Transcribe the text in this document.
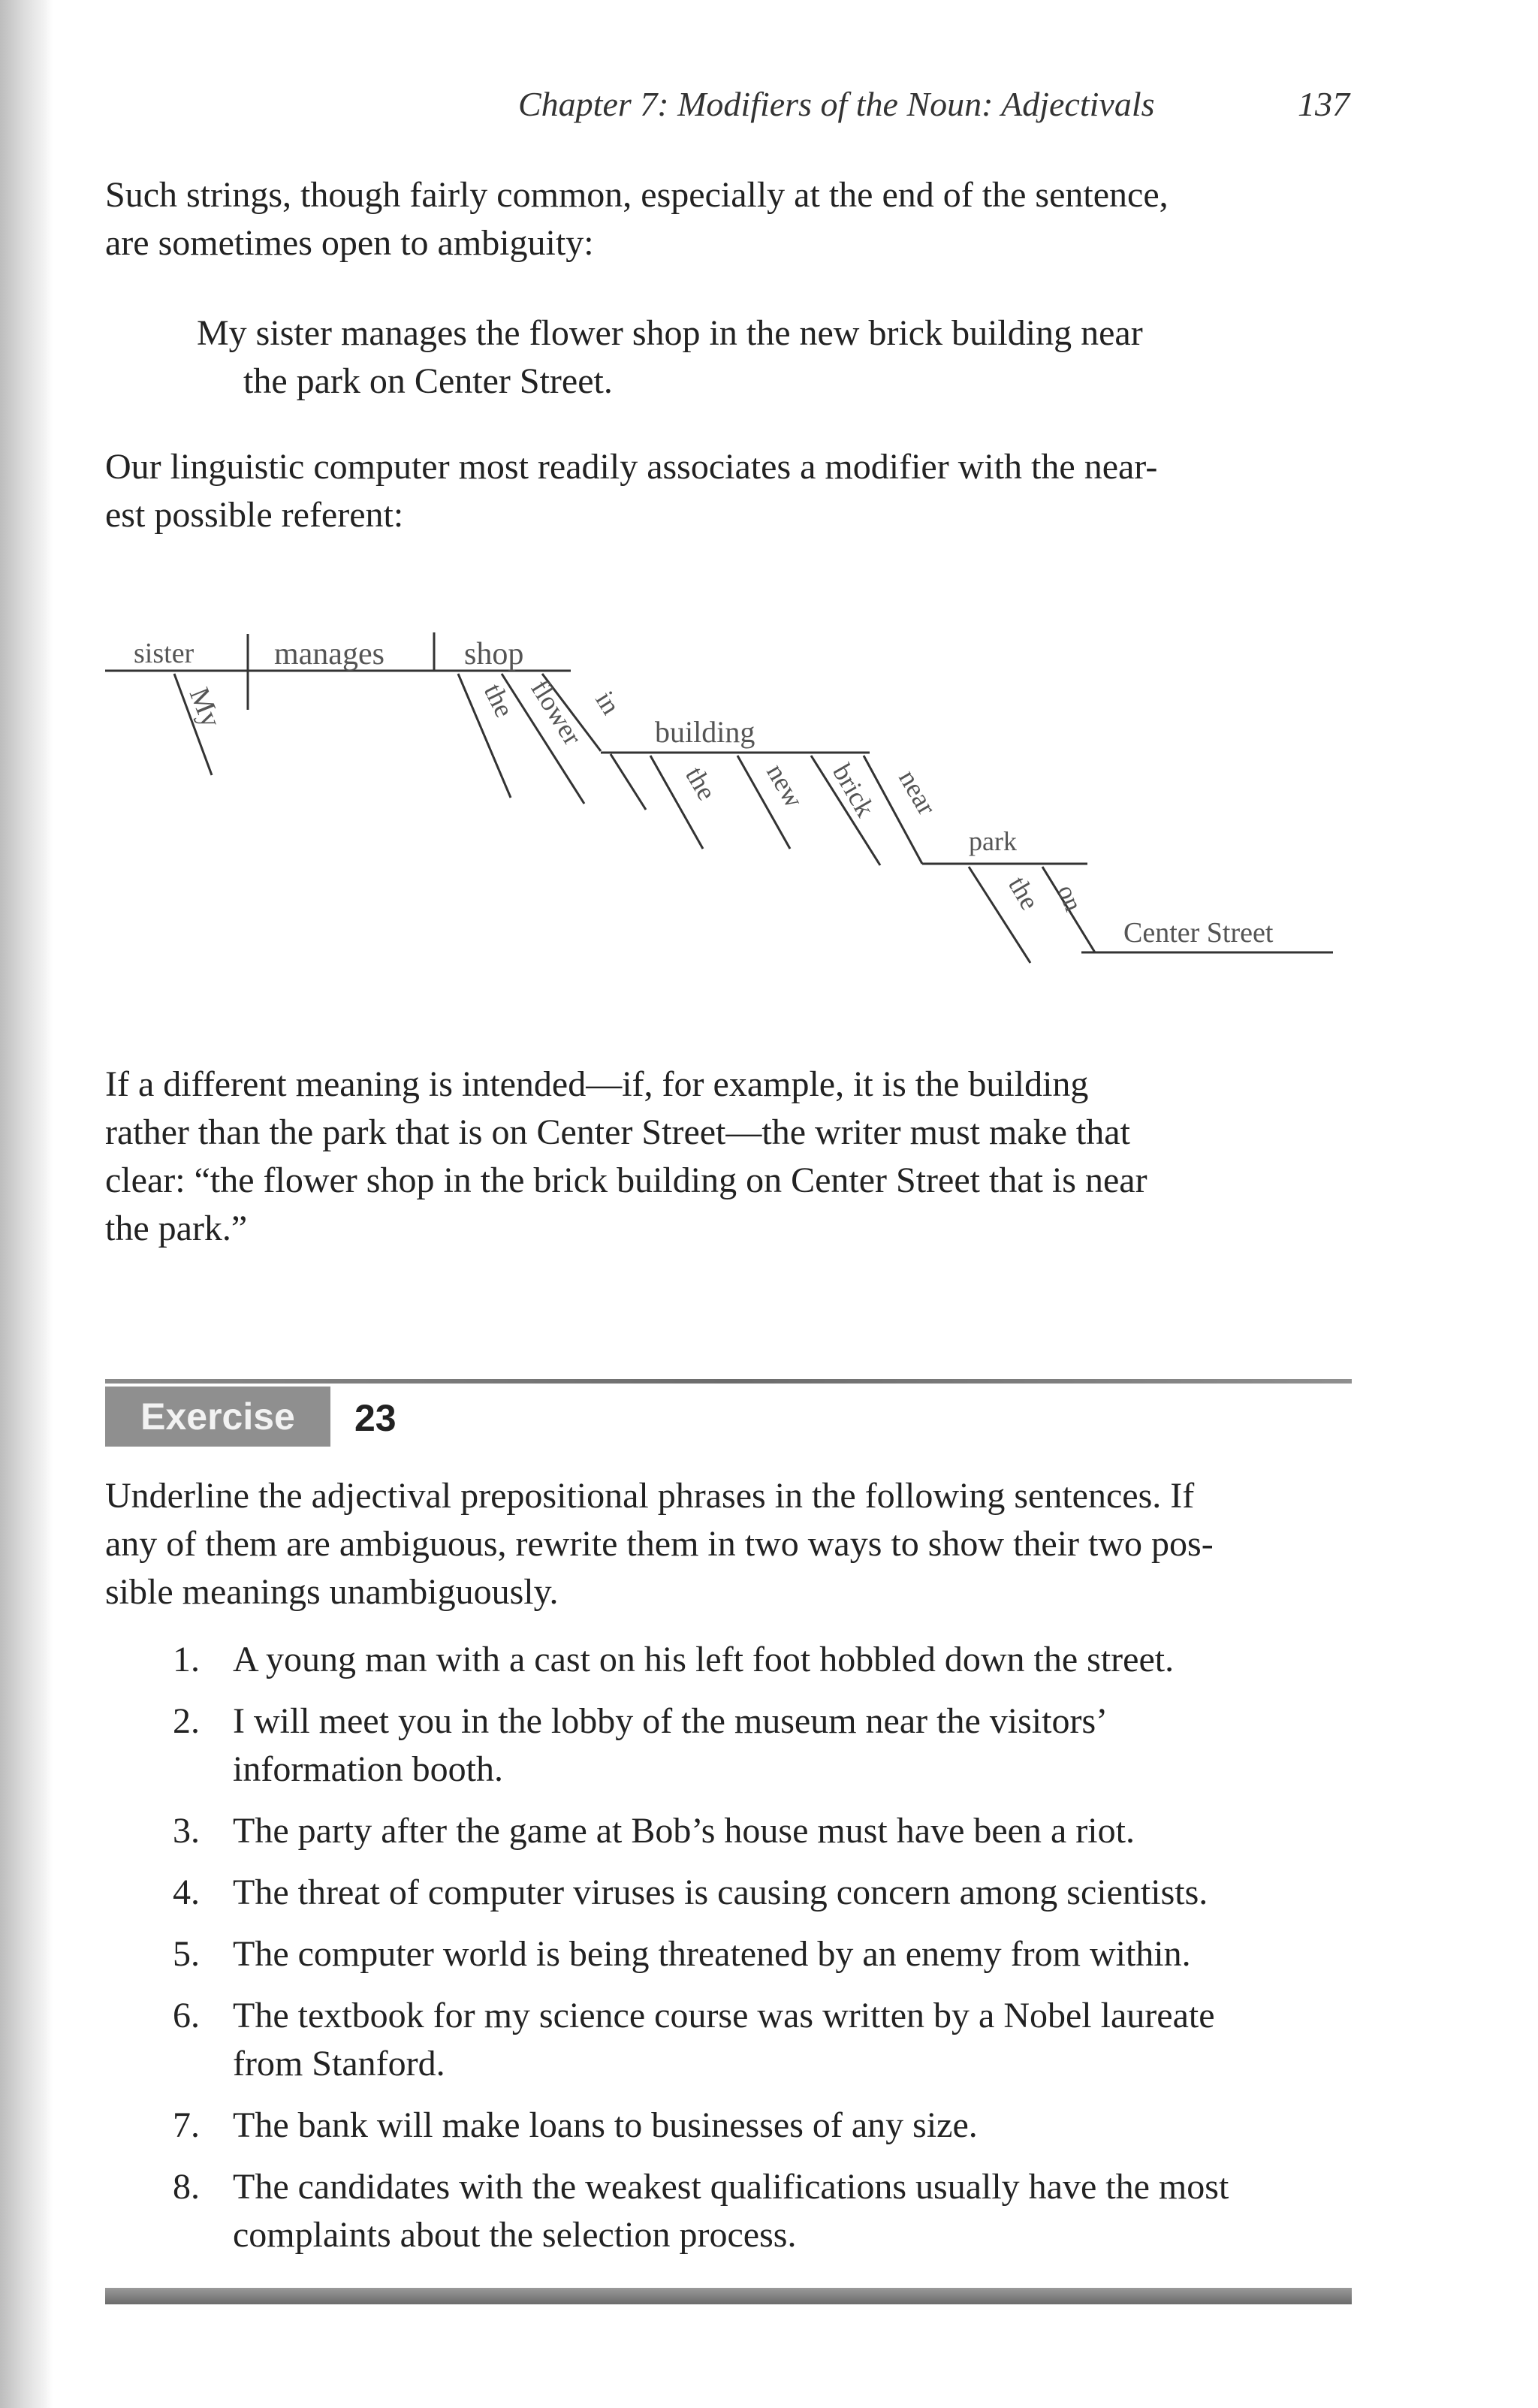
Chapter 7: Modifiers of the Noun: Adjectivals	137

Such strings, though fairly common, especially at the end of the sentence,
are sometimes open to ambiguity:

My sister manages the flower shop in the new brick building near
the park on Center Street.

Our linguistic computer most readily associates a modifier with the near-
est possible referent:

sister	manages	shop
My	the flower in
building
the new brick near
park
the on
Center Street

If a different meaning is intended—if, for example, it is the building
rather than the park that is on Center Street—the writer must make that
clear: “the flower shop in the brick building on Center Street that is near
the park.”

Exercise	23

Underline the adjectival prepositional phrases in the following sentences. If
any of them are ambiguous, rewrite them in two ways to show their two pos-
sible meanings unambiguously.

1. A young man with a cast on his left foot hobbled down the street.
2. I will meet you in the lobby of the museum near the visitors’
information booth.
3. The party after the game at Bob’s house must have been a riot.
4. The threat of computer viruses is causing concern among scientists.
5. The computer world is being threatened by an enemy from within.
6. The textbook for my science course was written by a Nobel laureate
from Stanford.
7. The bank will make loans to businesses of any size.
8. The candidates with the weakest qualifications usually have the most
complaints about the selection process.
